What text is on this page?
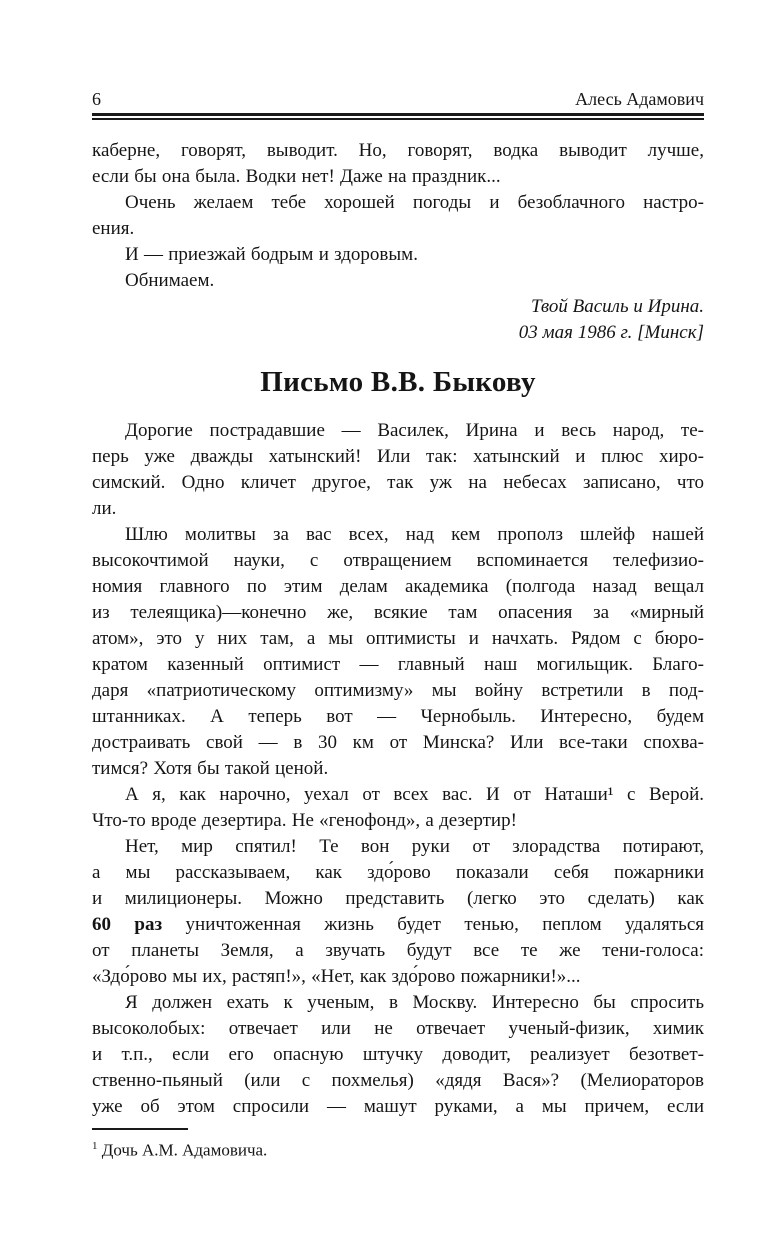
6	Алесь Адамович
каберне, говорят, выводит. Но, говорят, водка выводит лучше,
если бы она была. Водки нет! Даже на праздник...
Очень желаем тебе хорошей погоды и безоблачного настро-
ения.
И — приезжай бодрым и здоровым.
Обнимаем.
Твой Василь и Ирина.
03 мая 1986 г. [Минск]
Письмо В.В. Быкову
Дорогие пострадавшие — Василек, Ирина и весь народ, те-
перь уже дважды хатынский! Или так: хатынский и плюс хиро-
симский. Одно кличет другое, так уж на небесах записано, что
ли.
Шлю молитвы за вас всех, над кем прополз шлейф нашей
высокочтимой науки, с отвращением вспоминается телефизио-
номия главного по этим делам академика (полгода назад вещал
из телеящика)—конечно же, всякие там опасения за «мирный
атом», это у них там, а мы оптимисты и начхать. Рядом с бюро-
кратом казенный оптимист — главный наш могильщик. Благо-
даря «патриотическому оптимизму» мы войну встретили в под-
штанниках. А теперь вот — Чернобыль. Интересно, будем
достраивать свой — в 30 км от Минска? Или все-таки спохва-
тимся? Хотя бы такой ценой.
А я, как нарочно, уехал от всех вас. И от Наташи¹ с Верой.
Что-то вроде дезертира. Не «генофонд», а дезертир!
Нет, мир спятил! Те вон руки от злорадства потирают,
а мы рассказываем, как здо́рово показали себя пожарники
и милиционеры. Можно представить (легко это сделать) как
60 раз уничтоженная жизнь будет тенью, пеплом удаляться
от планеты Земля, а звучать будут все те же тени-голоса:
«Здо́рово мы их, растяп!», «Нет, как здо́рово пожарники!»...
Я должен ехать к ученым, в Москву. Интересно бы спросить
высоколобых: отвечает или не отвечает ученый-физик, химик
и т.п., если его опасную штучку доводит, реализует безответ-
ственно-пьяный (или с похмелья) «дядя Вася»? (Мелиораторов
уже об этом спросили — машут руками, а мы причем, если
$^1$ Дочь А.М. Адамовича.
